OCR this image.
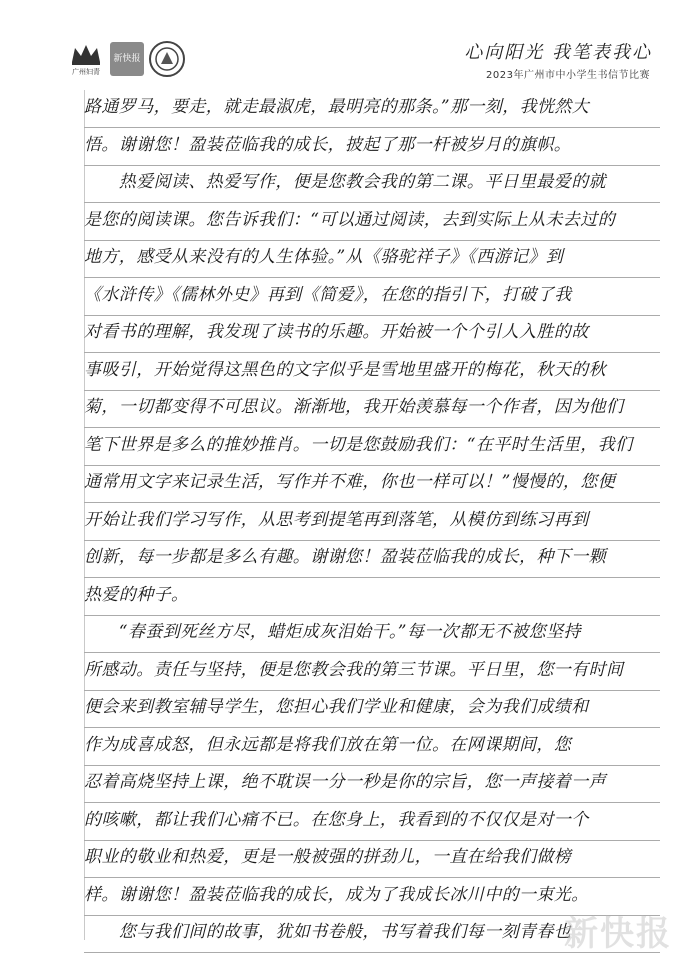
广州妇青
新快报	心向阳光 我笔表我心
2023年广州市中小学生书信节比赛
路通罗马，要走，就走最淑虎，最明亮的那条。”那一刻，我恍然大
悟。谢谢您！盈装莅临我的成长，披起了那一杆被岁月的旗帜。
　　热爱阅读、热爱写作，便是您教会我的第二课。平日里最爱的就
是您的阅读课。您告诉我们：“可以通过阅读，去到实际上从未去过的
地方，感受从来没有的人生体验。”从《骆驼祥子》《西游记》到
《水浒传》《儒林外史》再到《简爱》，在您的指引下，打破了我
对看书的理解，我发现了读书的乐趣。开始被一个个引人入胜的故
事吸引，开始觉得这黑色的文字似乎是雪地里盛开的梅花，秋天的秋
菊，一切都变得不可思议。渐渐地，我开始羡慕每一个作者，因为他们
笔下世界是多么的推妙推肖。一切是您鼓励我们：“在平时生活里，我们
通常用文字来记录生活，写作并不难，你也一样可以！”慢慢的，您便
开始让我们学习写作，从思考到提笔再到落笔，从模仿到练习再到
创新，每一步都是多么有趣。谢谢您！盈装莅临我的成长，种下一颗
热爱的种子。
　　“春蚕到死丝方尽，蜡炬成灰泪始干。”每一次都无不被您坚持
所感动。责任与坚持，便是您教会我的第三节课。平日里，您一有时间
便会来到教室辅导学生，您担心我们学业和健康，会为我们成绩和
作为成喜成怒，但永远都是将我们放在第一位。在网课期间，您
忍着高烧坚持上课，绝不耽误一分一秒是你的宗旨，您一声接着一声
的咳嗽，都让我们心痛不已。在您身上，我看到的不仅仅是对一个
职业的敬业和热爱，更是一般被强的拼劲儿，一直在给我们做榜
样。谢谢您！盈装莅临我的成长，成为了我成长冰川中的一束光。
　　您与我们间的故事，犹如书卷般，书写着我们每一刻青春也
新快报
